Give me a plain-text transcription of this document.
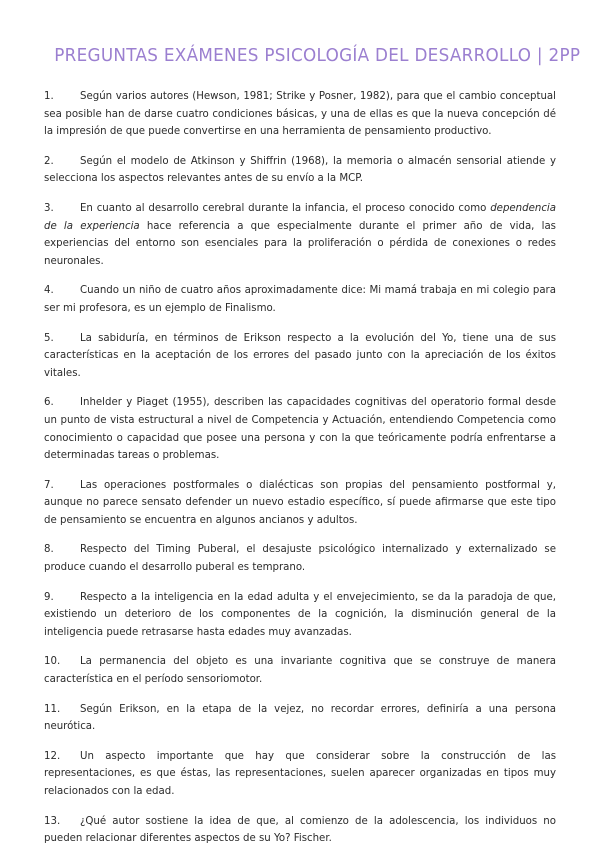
PREGUNTAS EXÁMENES PSICOLOGÍA DEL DESARROLLO | 2PP
1.	Según varios autores (Hewson, 1981; Strike y Posner, 1982), para que el cambio conceptual sea posible han de darse cuatro condiciones básicas, y una de ellas es que la nueva concepción dé la impresión de que puede convertirse en una herramienta de pensamiento productivo.
2.	Según el modelo de Atkinson y Shiffrin (1968), la memoria o almacén sensorial atiende y selecciona los aspectos relevantes antes de su envío a la MCP.
3.	En cuanto al desarrollo cerebral durante la infancia, el proceso conocido como dependencia de la experiencia hace referencia a que especialmente durante el primer año de vida, las experiencias del entorno son esenciales para la proliferación o pérdida de conexiones o redes neuronales.
4.	Cuando un niño de cuatro años aproximadamente dice: Mi mamá trabaja en mi colegio para ser mi profesora, es un ejemplo de Finalismo.
5.	La sabiduría, en términos de Erikson respecto a la evolución del Yo, tiene una de sus características en la aceptación de los errores del pasado junto con la apreciación de los éxitos vitales.
6.	Inhelder y Piaget (1955), describen las capacidades cognitivas del operatorio formal desde un punto de vista estructural a nivel de Competencia y Actuación, entendiendo Competencia como conocimiento o capacidad que posee una persona y con la que teóricamente podría enfrentarse a determinadas tareas o problemas.
7.	Las operaciones postformales o dialécticas son propias del pensamiento postformal y, aunque no parece sensato defender un nuevo estadio específico, sí puede afirmarse que este tipo de pensamiento se encuentra en algunos ancianos y adultos.
8.	Respecto del Timing Puberal, el desajuste psicológico internalizado y externalizado se produce cuando el desarrollo puberal es temprano.
9.	Respecto a la inteligencia en la edad adulta y el envejecimiento, se da la paradoja de que, existiendo un deterioro de los componentes de la cognición, la disminución general de la inteligencia puede retrasarse hasta edades muy avanzadas.
10. La permanencia del objeto es una invariante cognitiva que se construye de manera característica en el período sensoriomotor.
11. Según Erikson, en la etapa de la vejez, no recordar errores, definiría a una persona neurótica.
12. Un aspecto importante que hay que considerar sobre la construcción de las representaciones, es que éstas, las representaciones, suelen aparecer organizadas en tipos muy relacionados con la edad.
13. ¿Qué autor sostiene la idea de que, al comienzo de la adolescencia, los individuos no pueden relacionar diferentes aspectos de su Yo? Fischer.
